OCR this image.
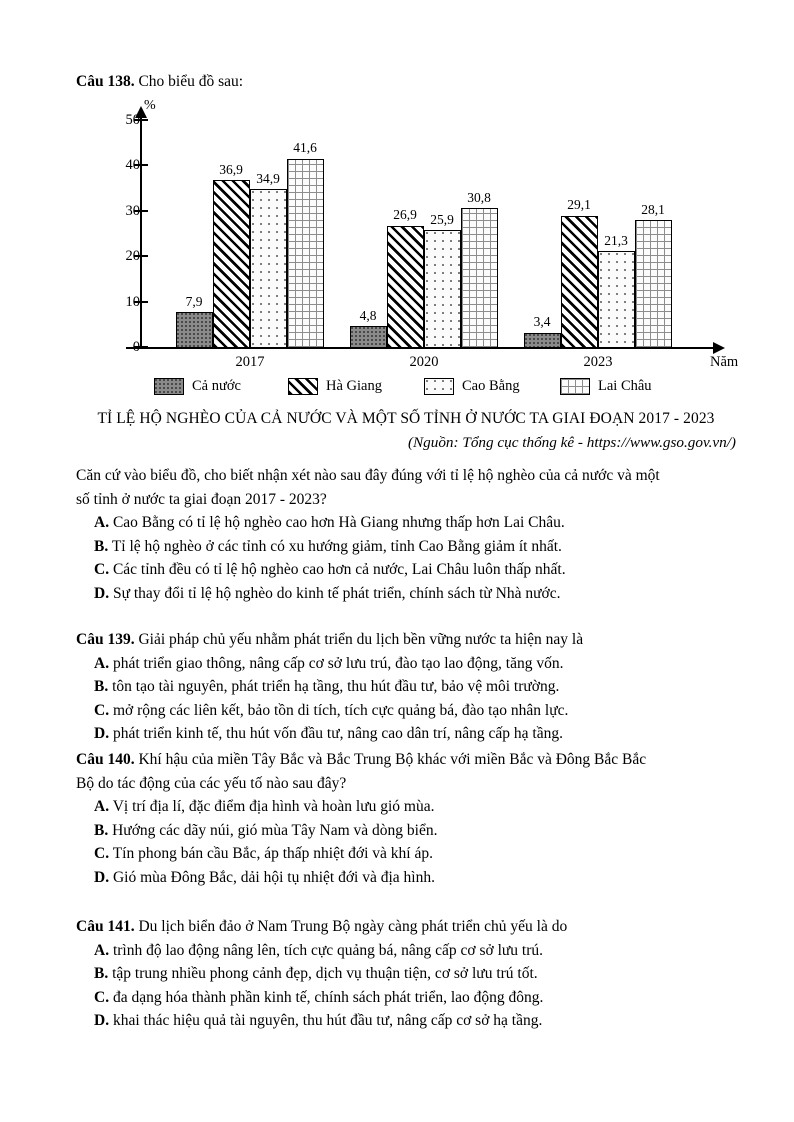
Câu 138. Cho biểu đồ sau:

%
0
10
20
30
40
50
7,9
36,9
34,9
41,6
4,8
26,9 25,9
30,8
3,4
29,1
21,3
28,1
2017	2020	2023	Năm
Cả nước	Hà Giang	Cao Bằng	Lai Châu
TỈ LỆ HỘ NGHÈO CỦA CẢ NƯỚC VÀ MỘT SỐ TỈNH Ở NƯỚC TA GIAI ĐOẠN 2017 - 2023
(Nguồn: Tổng cục thống kê - https://www.gso.gov.vn/)

Căn cứ vào biểu đồ, cho biết nhận xét nào sau đây đúng với tỉ lệ hộ nghèo của cả nước và một

số tỉnh ở nước ta giai đoạn 2017 - 2023?

A. Cao Bằng có tỉ lệ hộ nghèo cao hơn Hà Giang nhưng thấp hơn Lai Châu.

B. Tỉ lệ hộ nghèo ở các tỉnh có xu hướng giảm, tỉnh Cao Bằng giảm ít nhất.

C. Các tỉnh đều có tỉ lệ hộ nghèo cao hơn cả nước, Lai Châu luôn thấp nhất.

D. Sự thay đổi tỉ lệ hộ nghèo do kinh tế phát triển, chính sách từ Nhà nước.

Câu 139. Giải pháp chủ yếu nhằm phát triển du lịch bền vững nước ta hiện nay là

A. phát triển giao thông, nâng cấp cơ sở lưu trú, đào tạo lao động, tăng vốn.

B. tôn tạo tài nguyên, phát triển hạ tầng, thu hút đầu tư, bảo vệ môi trường.

C. mở rộng các liên kết, bảo tồn di tích, tích cực quảng bá, đào tạo nhân lực.

D. phát triển kinh tế, thu hút vốn đầu tư, nâng cao dân trí, nâng cấp hạ tầng.

Câu 140. Khí hậu của miền Tây Bắc và Bắc Trung Bộ khác với miền Bắc và Đông Bắc Bắc

Bộ do tác động của các yếu tố nào sau đây?

A. Vị trí địa lí, đặc điểm địa hình và hoàn lưu gió mùa.

B. Hướng các dãy núi, gió mùa Tây Nam và dòng biển.

C. Tín phong bán cầu Bắc, áp thấp nhiệt đới và khí áp.

D. Gió mùa Đông Bắc, dải hội tụ nhiệt đới và địa hình.

Câu 141. Du lịch biển đảo ở Nam Trung Bộ ngày càng phát triển chủ yếu là do

A. trình độ lao động nâng lên, tích cực quảng bá, nâng cấp cơ sở lưu trú.

B. tập trung nhiều phong cảnh đẹp, dịch vụ thuận tiện, cơ sở lưu trú tốt.

C. đa dạng hóa thành phần kinh tế, chính sách phát triển, lao động đông.

D. khai thác hiệu quả tài nguyên, thu hút đầu tư, nâng cấp cơ sở hạ tầng.
